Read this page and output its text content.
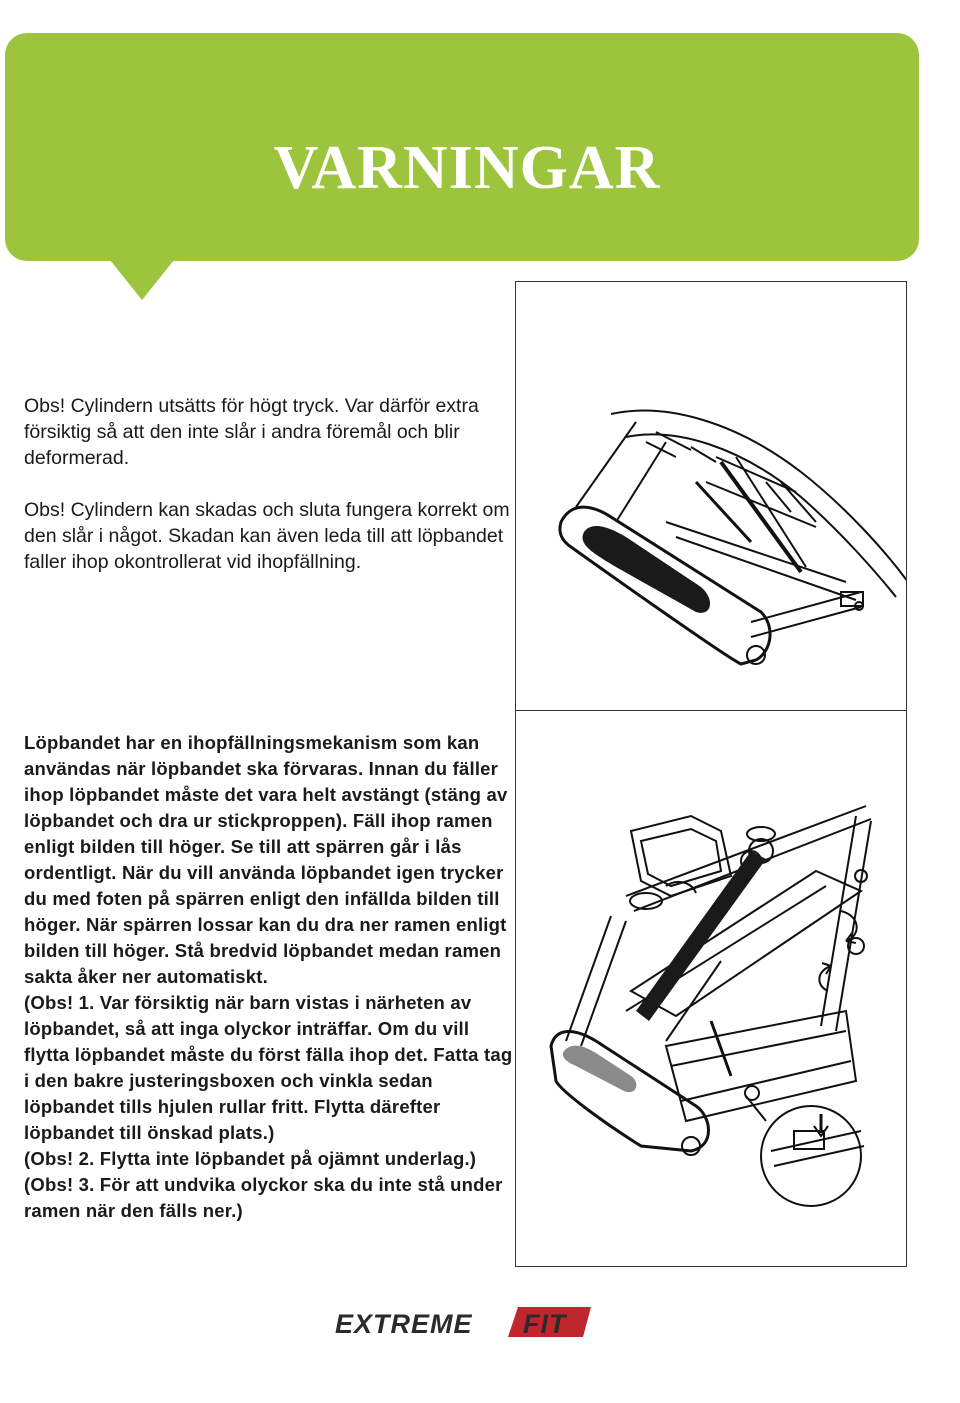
VARNINGAR

Obs! Cylindern utsätts för högt tryck. Var därför extra försiktig så att den inte slår i andra föremål och blir deformerad.

Obs! Cylindern kan skadas och sluta fungera korrekt om den slår i något. Skadan kan även leda till att löpbandet faller ihop okontrollerat vid ihopfällning.

Löpbandet har en ihopfällningsmekanism som kan användas när löpbandet ska förvaras. Innan du fäller ihop löpbandet måste det vara helt avstängt (stäng av löpbandet och dra ur stickproppen). Fäll ihop ramen enligt bilden till höger. Se till att spärren går i lås ordentligt. När du vill använda löpbandet igen trycker du med foten på spärren enligt den infällda bilden till höger. När spärren lossar kan du dra ner ramen enligt bilden till höger. Stå bredvid löpbandet medan ramen sakta åker ner automatiskt.

(Obs! 1. Var försiktig när barn vistas i närheten av löpbandet, så att inga olyckor inträffar. Om du vill flytta löpbandet måste du först fälla ihop det. Fatta tag i den bakre justeringsboxen och vinkla sedan löpbandet tills hjulen rullar fritt. Flytta därefter löpbandet till önskad plats.)

(Obs! 2. Flytta inte löpbandet på ojämnt underlag.)

(Obs! 3. För att undvika olyckor ska du inte stå under ramen när den fälls ner.)

EXTREME FIT
